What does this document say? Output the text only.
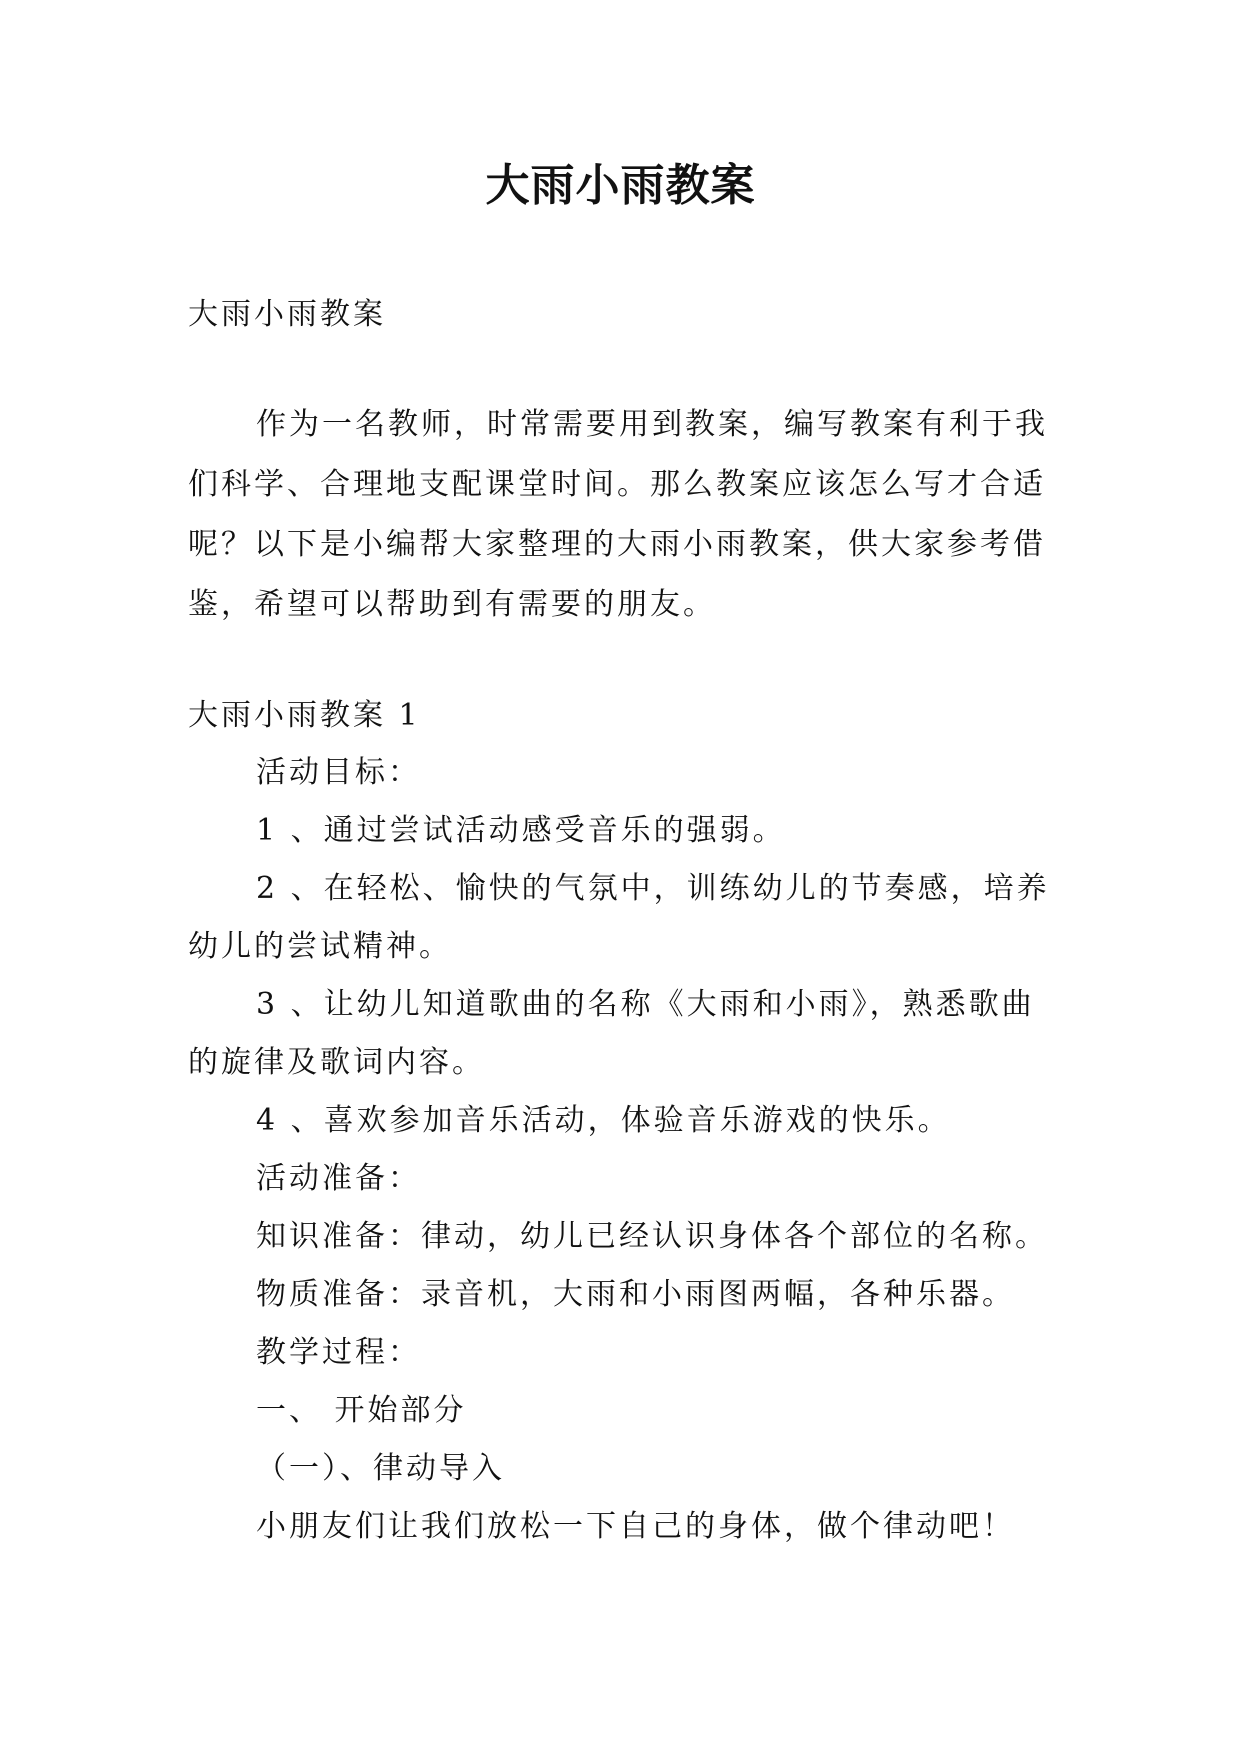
大雨小雨教案
大雨小雨教案
作为一名教师，时常需要用到教案，编写教案有利于我
们科学、合理地支配课堂时间。那么教案应该怎么写才合适
呢？以下是小编帮大家整理的大雨小雨教案，供大家参考借
鉴，希望可以帮助到有需要的朋友。
大雨小雨教案 1
活动目标：
1 、通过尝试活动感受音乐的强弱。
2 、在轻松、愉快的气氛中，训练幼儿的节奏感，培养
幼儿的尝试精神。
3 、让幼儿知道歌曲的名称《大雨和小雨》，熟悉歌曲
的旋律及歌词内容。
4 、喜欢参加音乐活动，体验音乐游戏的快乐。
活动准备：
知识准备：律动，幼儿已经认识身体各个部位的名称。
物质准备：录音机，大雨和小雨图两幅，各种乐器。
教学过程：
一、 开始部分
（一）、律动导入
小朋友们让我们放松一下自己的身体，做个律动吧！
